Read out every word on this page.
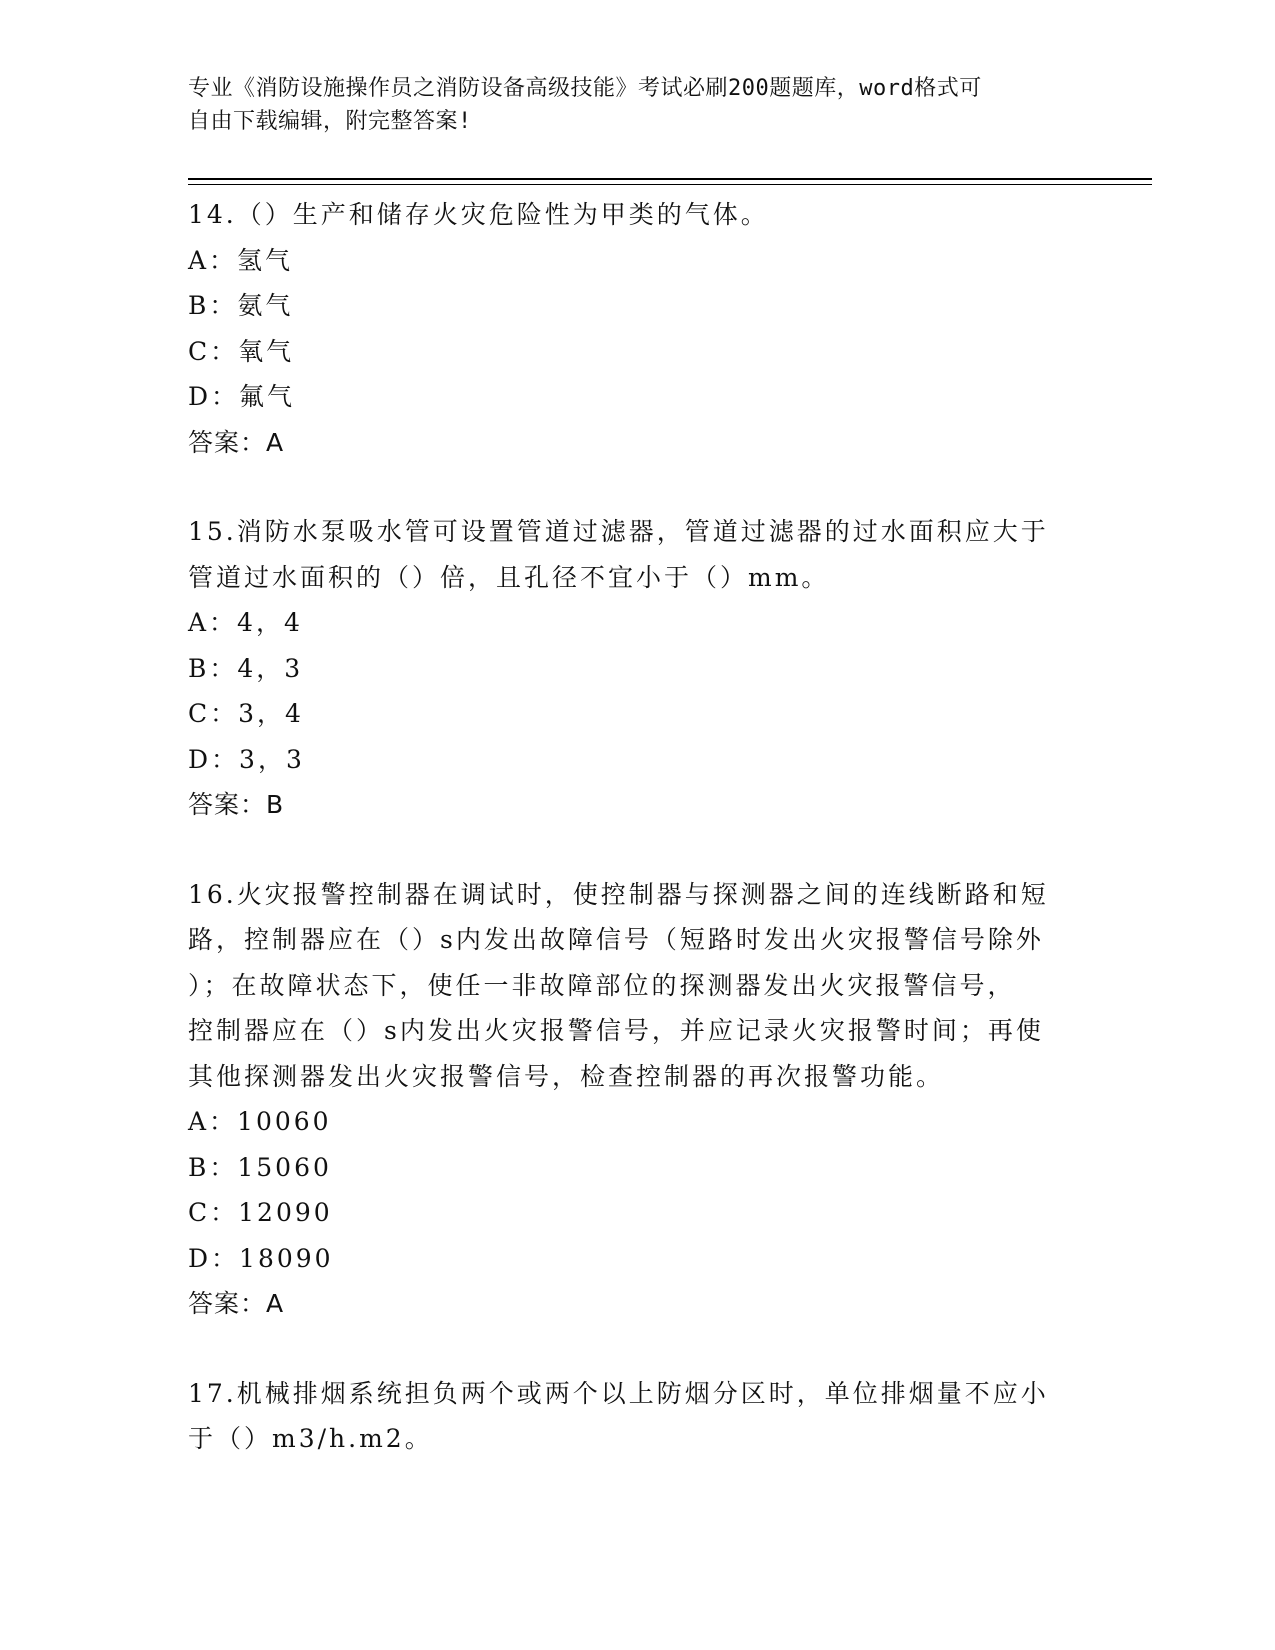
专业《消防设施操作员之消防设备高级技能》考试必刷200题题库，word格式可
自由下载编辑，附完整答案!

14.（）生产和储存火灾危险性为甲类的气体。

A：氢气

B：氨气

C：氧气

D：氟气

答案：A

15.消防水泵吸水管可设置管道过滤器，管道过滤器的过水面积应大于

管道过水面积的（）倍，且孔径不宜小于（）mm。

A：4，4

B：4，3

C：3，4

D：3，3

答案：B

16.火灾报警控制器在调试时，使控制器与探测器之间的连线断路和短

路，控制器应在（）s内发出故障信号（短路时发出火灾报警信号除外

）；在故障状态下，使任一非故障部位的探测器发出火灾报警信号，

控制器应在（）s内发出火灾报警信号，并应记录火灾报警时间；再使

其他探测器发出火灾报警信号，检查控制器的再次报警功能。

A：10060

B：15060

C：12090

D：18090

答案：A

17.机械排烟系统担负两个或两个以上防烟分区时，单位排烟量不应小

于（）m3/h.m2。
